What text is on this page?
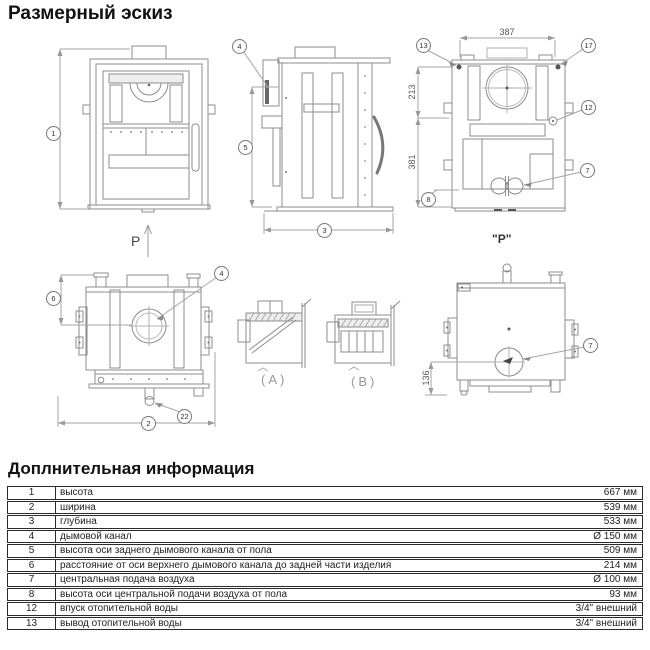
Размерный эскиз
1
4
5
3
13	17
12
7
8
6
4
22
2
7
387
213
381
136
P	"P"
(A)	(B)
Доплнительная информация
1	высота	667 мм
2	ширина	539 мм
3	глубина	533 мм
4	дымовой канал	Ø 150 мм
5	высота оси заднего дымового канала от пола	509 мм
6	расстояние от оси верхнего дымового канала до задней части изделия	214 мм
7	центральная подача воздуха	Ø 100 мм
8	высота оси центральной подачи воздуха от пола	93 мм
12	впуск отопительной воды	3/4" внешний
13	вывод отопительной воды	3/4" внешний
